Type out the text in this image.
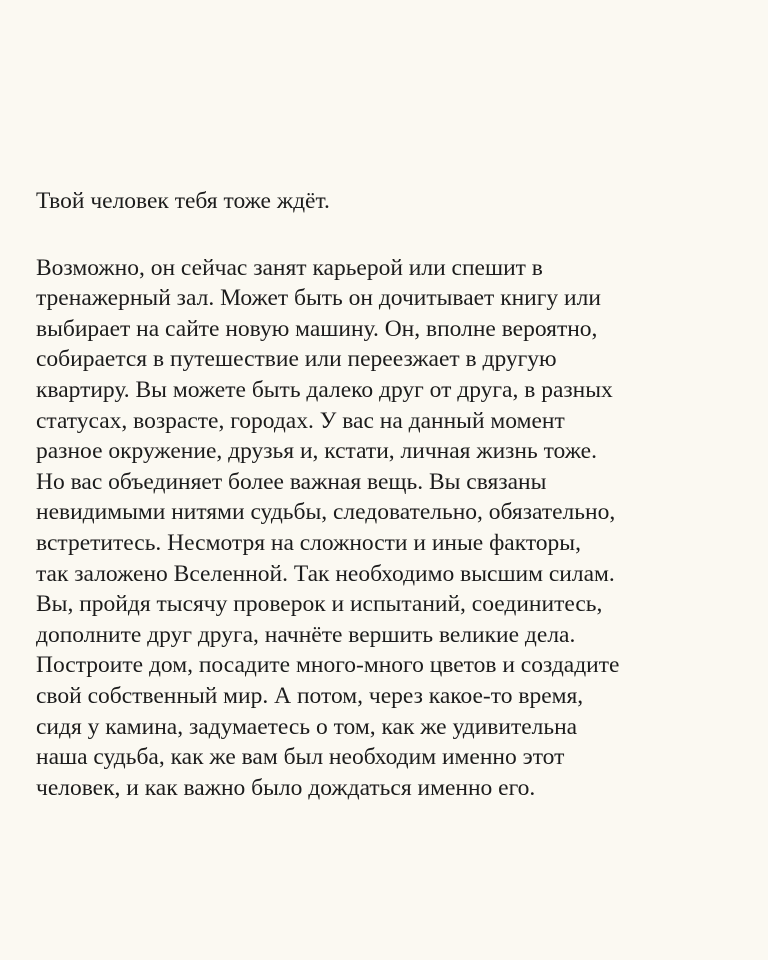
Твой человек тебя тоже ждёт.

Возможно, он сейчас занят карьерой или спешит в
тренажерный зал. Может быть он дочитывает книгу или
выбирает на сайте новую машину. Он, вполне вероятно,
собирается в путешествие или переезжает в другую
квартиру. Вы можете быть далеко друг от друга, в разных
статусах, возрасте, городах. У вас на данный момент
разное окружение, друзья и, кстати, личная жизнь тоже.
Но вас объединяет более важная вещь. Вы связаны
невидимыми нитями судьбы, следовательно, обязательно,
встретитесь. Несмотря на сложности и иные факторы,
так заложено Вселенной. Так необходимо высшим силам.
Вы, пройдя тысячу проверок и испытаний, соединитесь,
дополните друг друга, начнёте вершить великие дела.
Построите дом, посадите много-много цветов и создадите
свой собственный мир. А потом, через какое-то время,
сидя у камина, задумаетесь о том, как же удивительна
наша судьба, как же вам был необходим именно этот
человек, и как важно было дождаться именно его.
